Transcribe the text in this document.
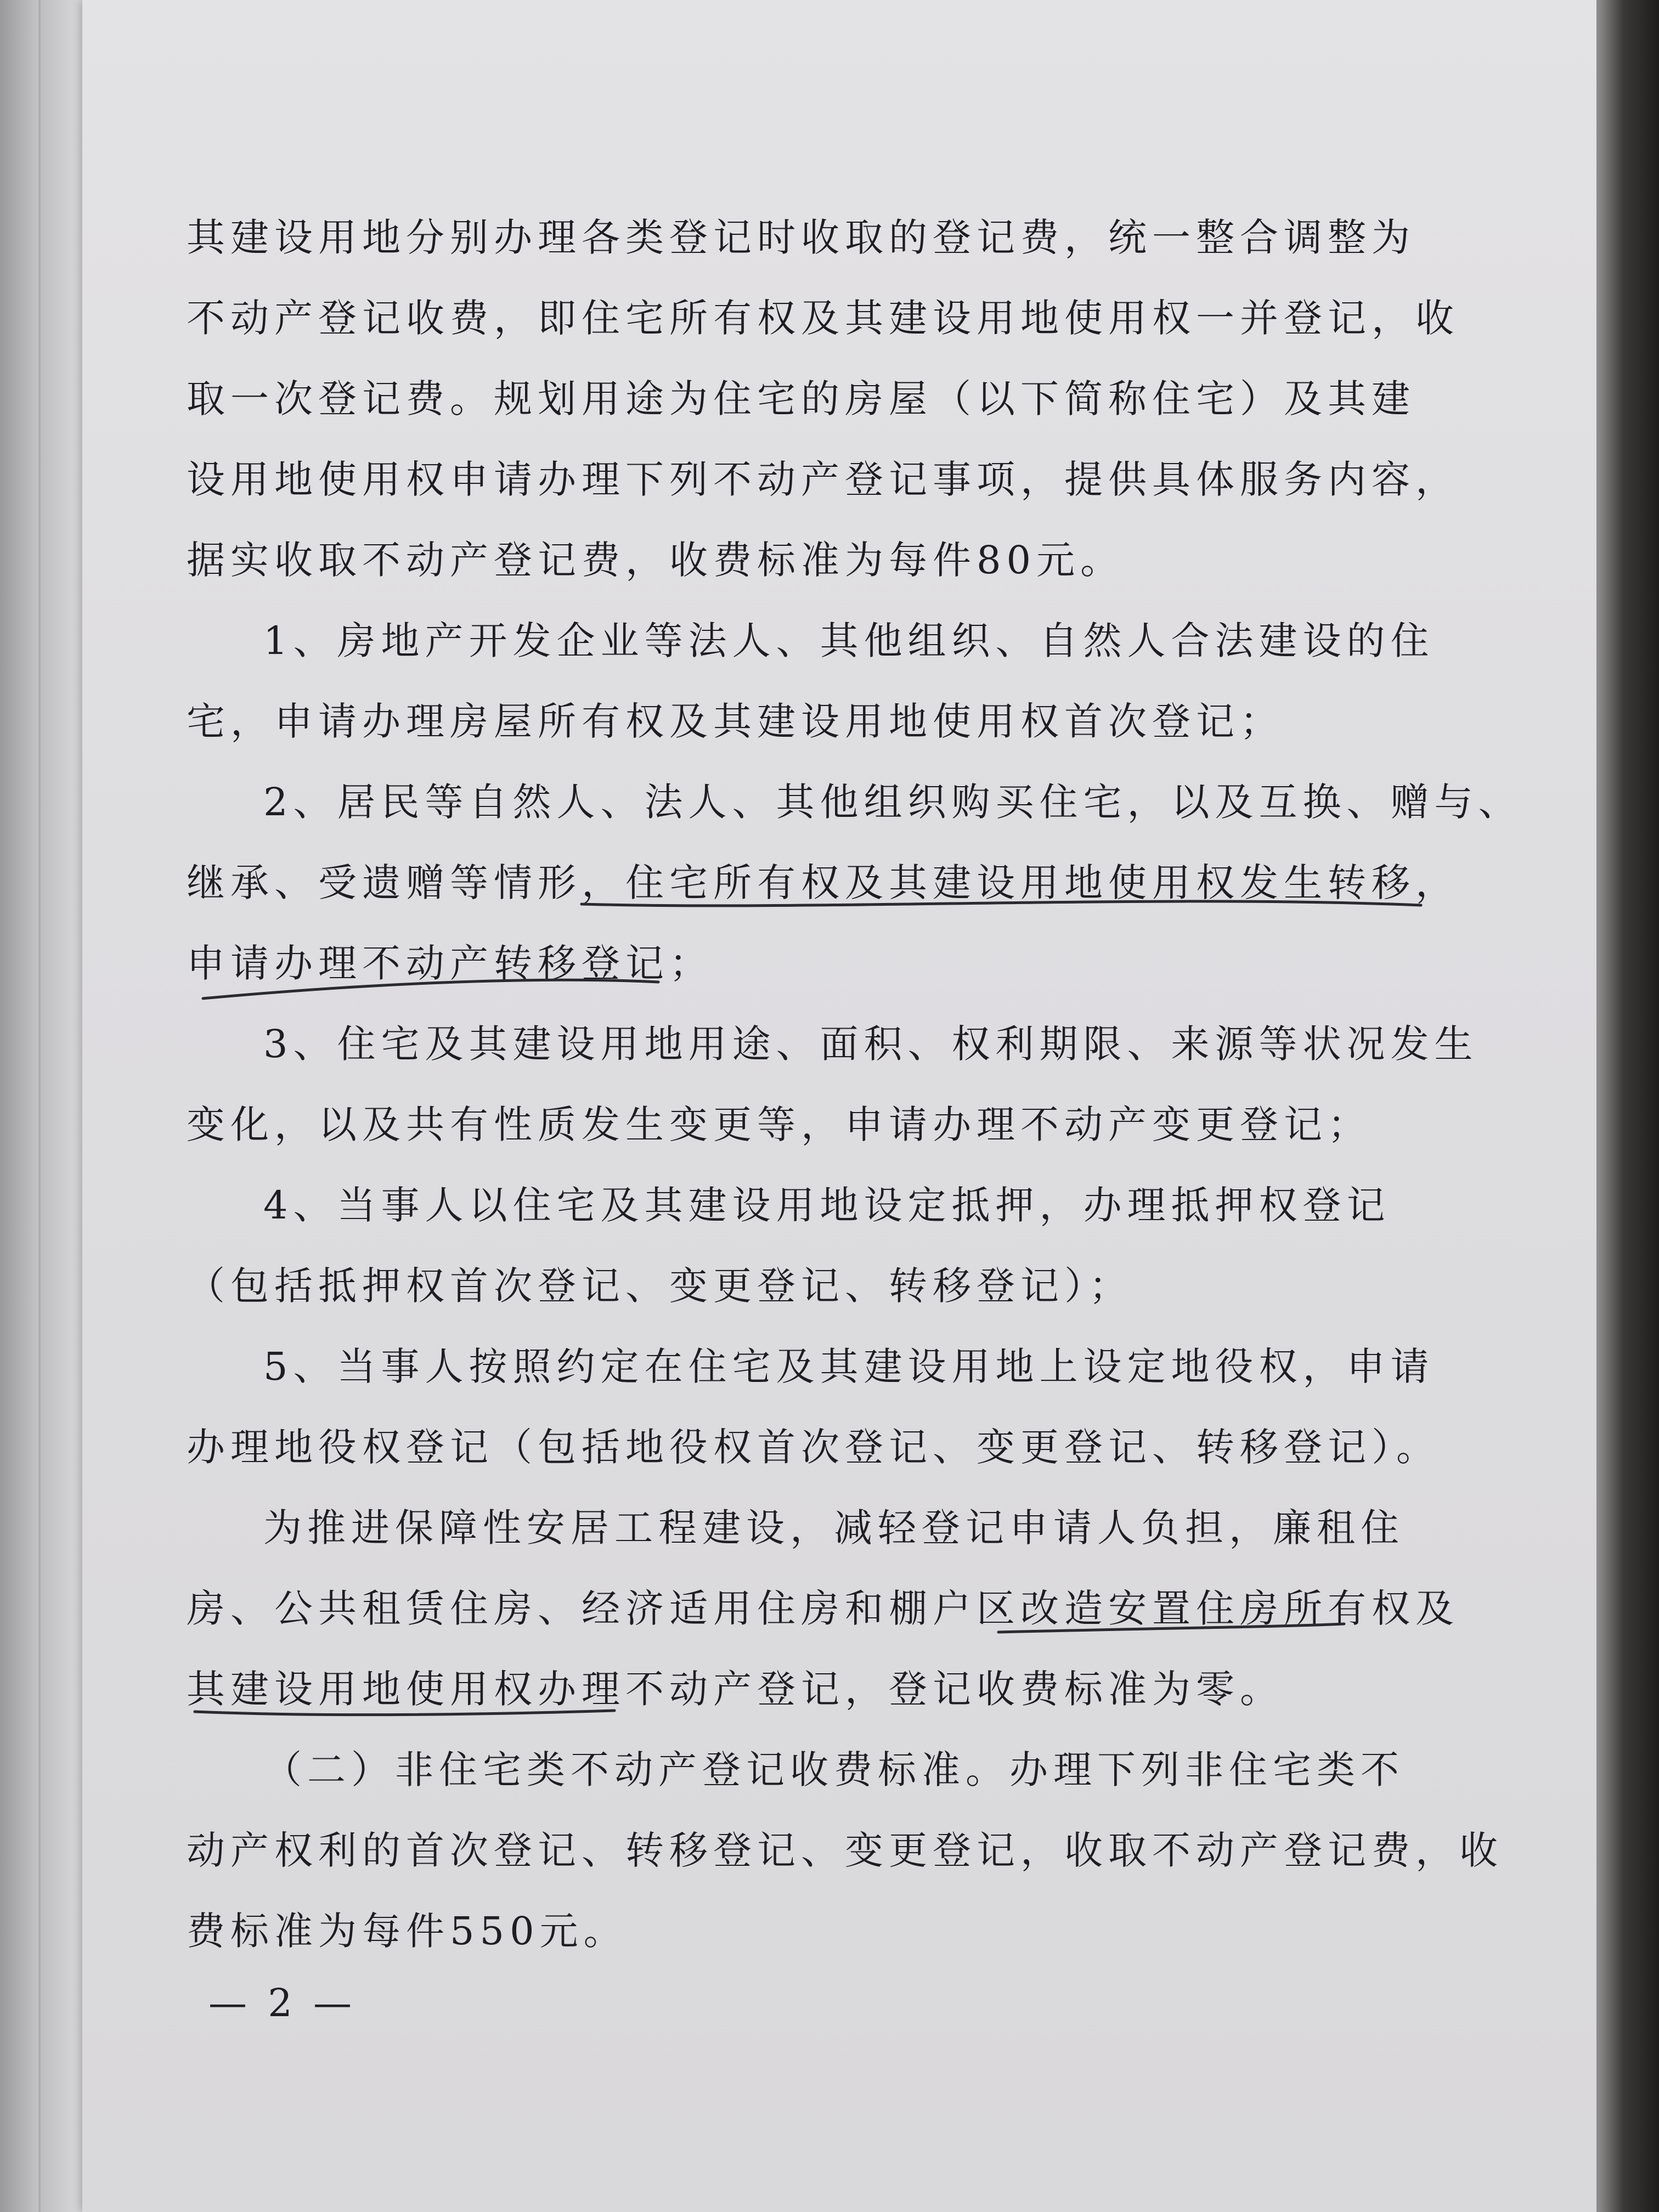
其建设用地分别办理各类登记时收取的登记费，统一整合调整为
不动产登记收费，即住宅所有权及其建设用地使用权一并登记，收
取一次登记费。规划用途为住宅的房屋（以下简称住宅）及其建
设用地使用权申请办理下列不动产登记事项，提供具体服务内容，
据实收取不动产登记费，收费标准为每件80元。
1、房地产开发企业等法人、其他组织、自然人合法建设的住
宅，申请办理房屋所有权及其建设用地使用权首次登记；
2、居民等自然人、法人、其他组织购买住宅，以及互换、赠与、
继承、受遗赠等情形，住宅所有权及其建设用地使用权发生转移，
申请办理不动产转移登记；
3、住宅及其建设用地用途、面积、权利期限、来源等状况发生
变化，以及共有性质发生变更等，申请办理不动产变更登记；
4、当事人以住宅及其建设用地设定抵押，办理抵押权登记
（包括抵押权首次登记、变更登记、转移登记）；
5、当事人按照约定在住宅及其建设用地上设定地役权，申请
办理地役权登记（包括地役权首次登记、变更登记、转移登记）。
为推进保障性安居工程建设，减轻登记申请人负担，廉租住
房、公共租赁住房、经济适用住房和棚户区改造安置住房所有权及
其建设用地使用权办理不动产登记，登记收费标准为零。
（二）非住宅类不动产登记收费标准。办理下列非住宅类不
动产权利的首次登记、转移登记、变更登记，收取不动产登记费，收
费标准为每件550元。
— 2 —
